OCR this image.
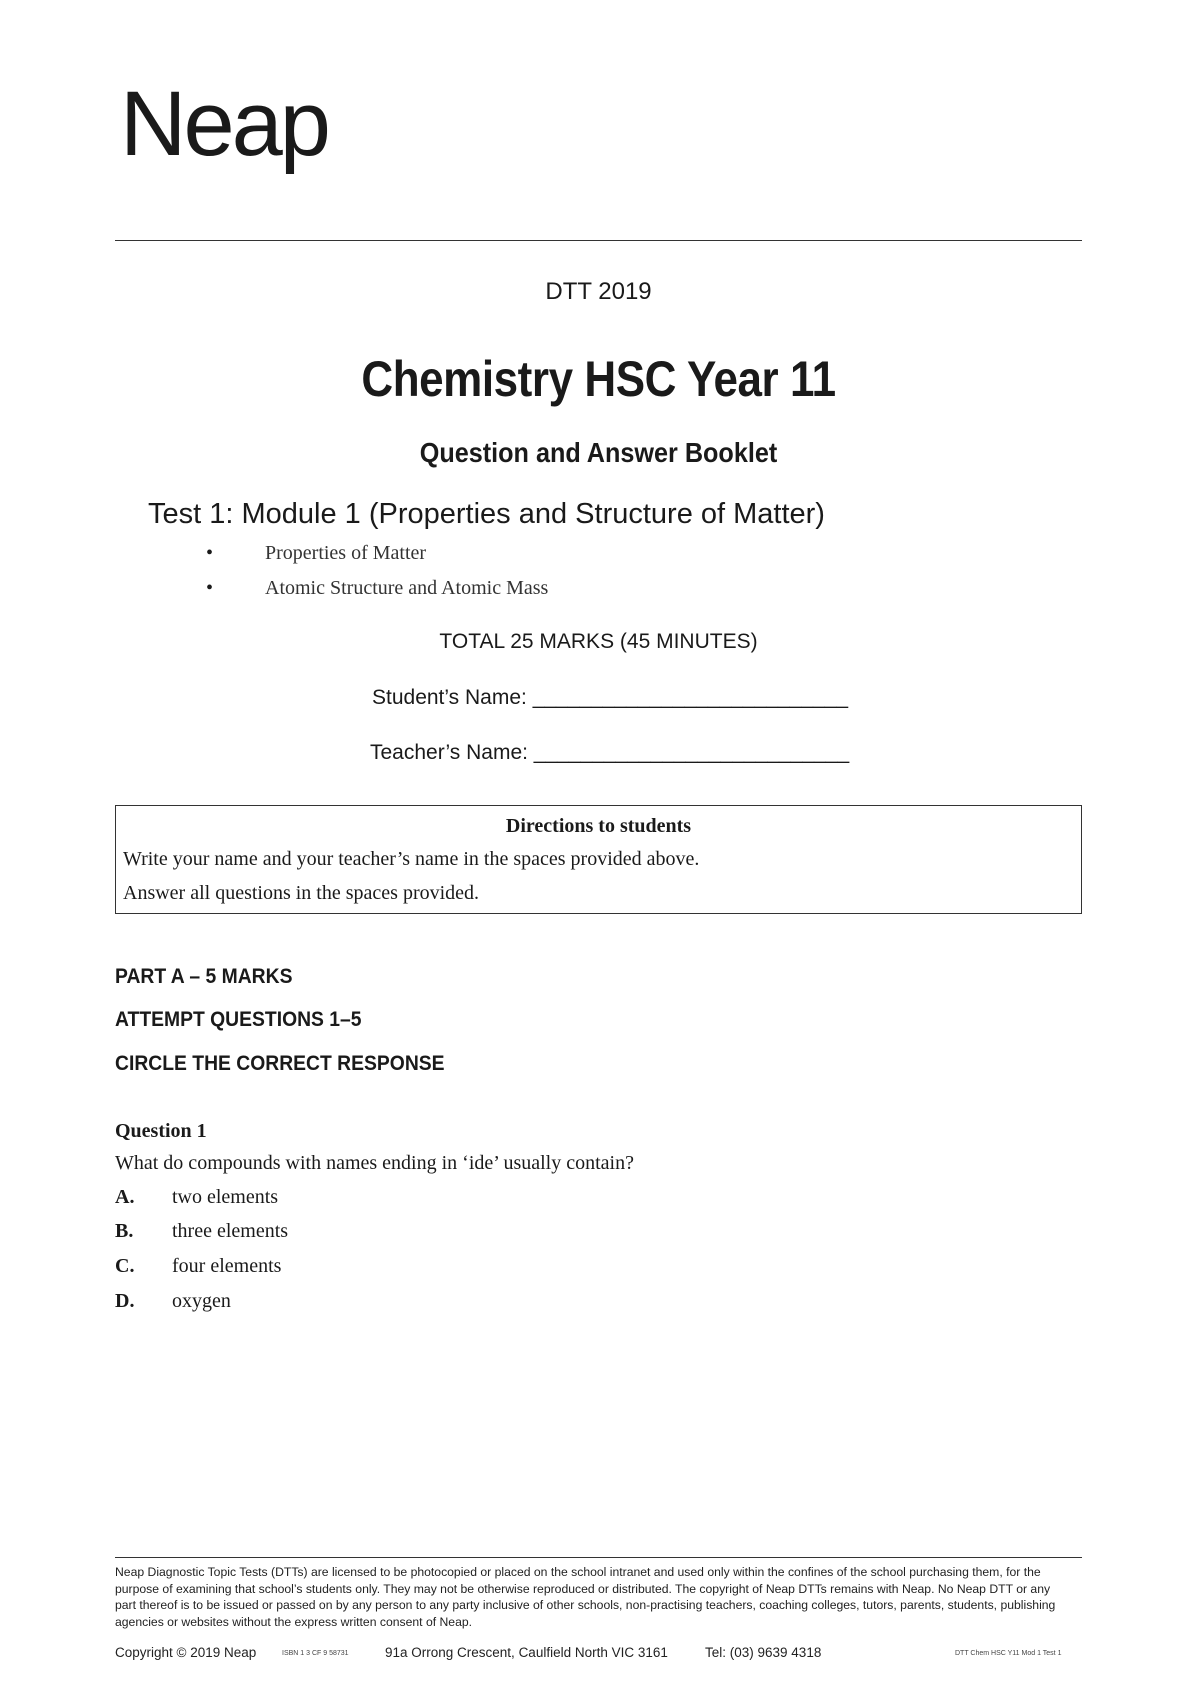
Neap
DTT 2019
Chemistry HSC Year 11
Question and Answer Booklet
Test 1: Module 1 (Properties and Structure of Matter)
•	Properties of Matter
•	Atomic Structure and Atomic Mass
TOTAL 25 MARKS (45 MINUTES)
Student’s Name: ___________________________
Teacher’s Name: ___________________________
Directions to students
Write your name and your teacher’s name in the spaces provided above.
Answer all questions in the spaces provided.
PART A – 5 MARKS
ATTEMPT QUESTIONS 1–5
CIRCLE THE CORRECT RESPONSE
Question 1
What do compounds with names ending in ‘ide’ usually contain?
A. two elements
B. three elements
C. four elements
D. oxygen
Neap Diagnostic Topic Tests (DTTs) are licensed to be photocopied or placed on the school intranet and used only within the confines of the school purchasing them, for the purpose of examining that school’s students only. They may not be otherwise reproduced or distributed. The copyright of Neap DTTs remains with Neap. No Neap DTT or any part thereof is to be issued or passed on by any person to any party inclusive of other schools, non-practising teachers, coaching colleges, tutors, parents, students, publishing agencies or websites without the express written consent of Neap.
Copyright © 2019 Neap	ISBN 1 3 CF 9 58731	91a Orrong Crescent, Caulfield North VIC 3161	Tel: (03) 9639 4318	DTT Chem HSC Y11 Mod 1 Test 1
